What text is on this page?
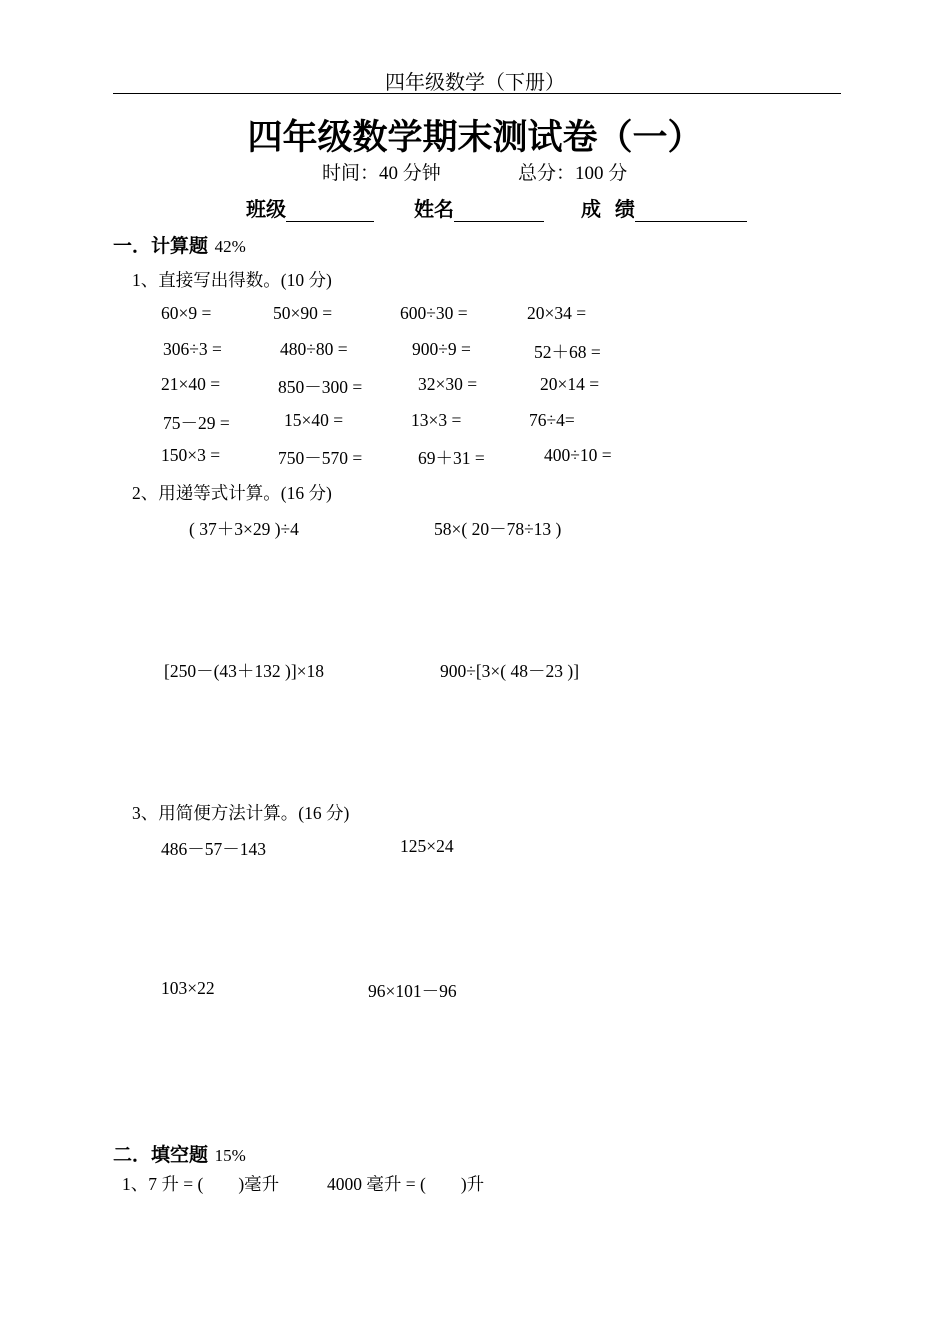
四年级数学（下册）
四年级数学期末测试卷（一）
时间：40 分钟	总分：100 分
班级	姓名	成  绩
一．计算题 42%
1、直接写出得数。(10 分)
60×9 =	50×90 =	600÷30 =	20×34 =
306÷3 =	480÷80 =	900÷9 =	52＋68 =
21×40 =	850－300 =	32×30 =	20×14 =
75－29 =	15×40 =	13×3 =	76÷4=
150×3 =	750－570 =	69＋31 =	400÷10 =
2、用递等式计算。(16 分)
( 37＋3×29 )÷4	58×( 20－78÷13 )
[250－(43＋132 )]×18	900÷[3×( 48－23 )]
3、用简便方法计算。(16 分)
486－57－143	125×24
103×22	96×101－96
二．填空题 15%
1、7 升 = (        )毫升	4000 毫升 = (        )升
